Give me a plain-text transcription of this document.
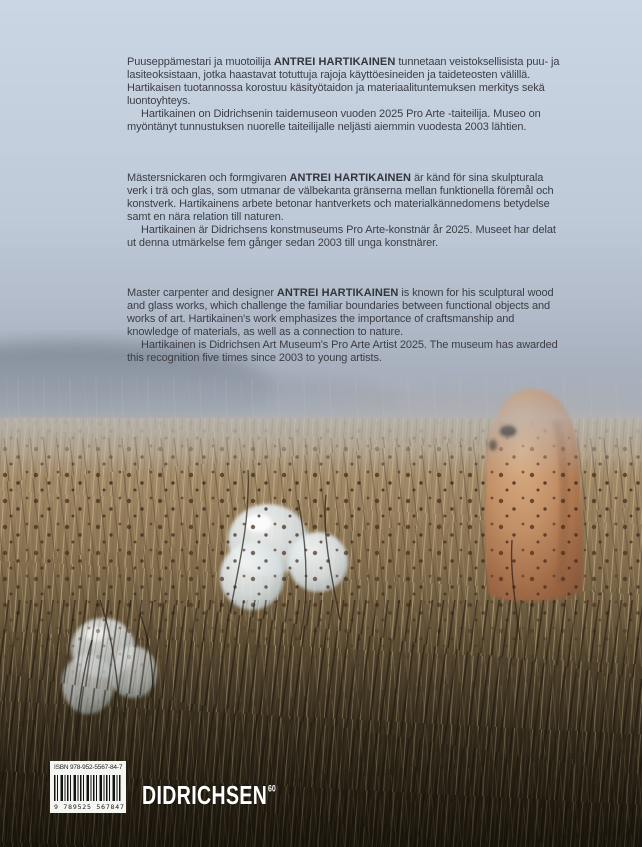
Puuseppämestari ja muotoilija ANTREI HARTIKAINEN tunnetaan veistoksellisista puu- ja lasiteoksistaan, jotka haastavat totuttuja rajoja käyttöesineiden ja taideteosten välillä. Hartikaisen tuotannossa korostuu käsityötaidon ja materiaalituntemuksen merkitys sekä luontoyhteys.

Hartikainen on Didrichsenin taidemuseon vuoden 2025 Pro Arte -taiteilija. Museo on myöntänyt tunnustuksen nuorelle taiteilijalle neljästi aiemmin vuodesta 2003 lähtien.

Mästersnickaren och formgivaren ANTREI HARTIKAINEN är känd för sina skulpturala verk i trä och glas, som utmanar de välbekanta gränserna mellan funktionella föremål och konstverk. Hartikainens arbete betonar hantverkets och materialkännedomens betydelse samt en nära relation till naturen.

Hartikainen är Didrichsens konstmuseums Pro Arte-konstnär år 2025. Museet har delat ut denna utmärkelse fem gånger sedan 2003 till unga konstnärer.

Master carpenter and designer ANTREI HARTIKAINEN is known for his sculptural wood and glass works, which challenge the familiar boundaries between functional objects and works of art. Hartikainen's work emphasizes the importance of craftsmanship and knowledge of materials, as well as a connection to nature.

Hartikainen is Didrichsen Art Museum's Pro Arte Artist 2025. The museum has awarded this recognition five times since 2003 to young artists.

ISBN 978-952-5567-84-7
9 789525 567847 DIDRICHSEN$^{60}$
